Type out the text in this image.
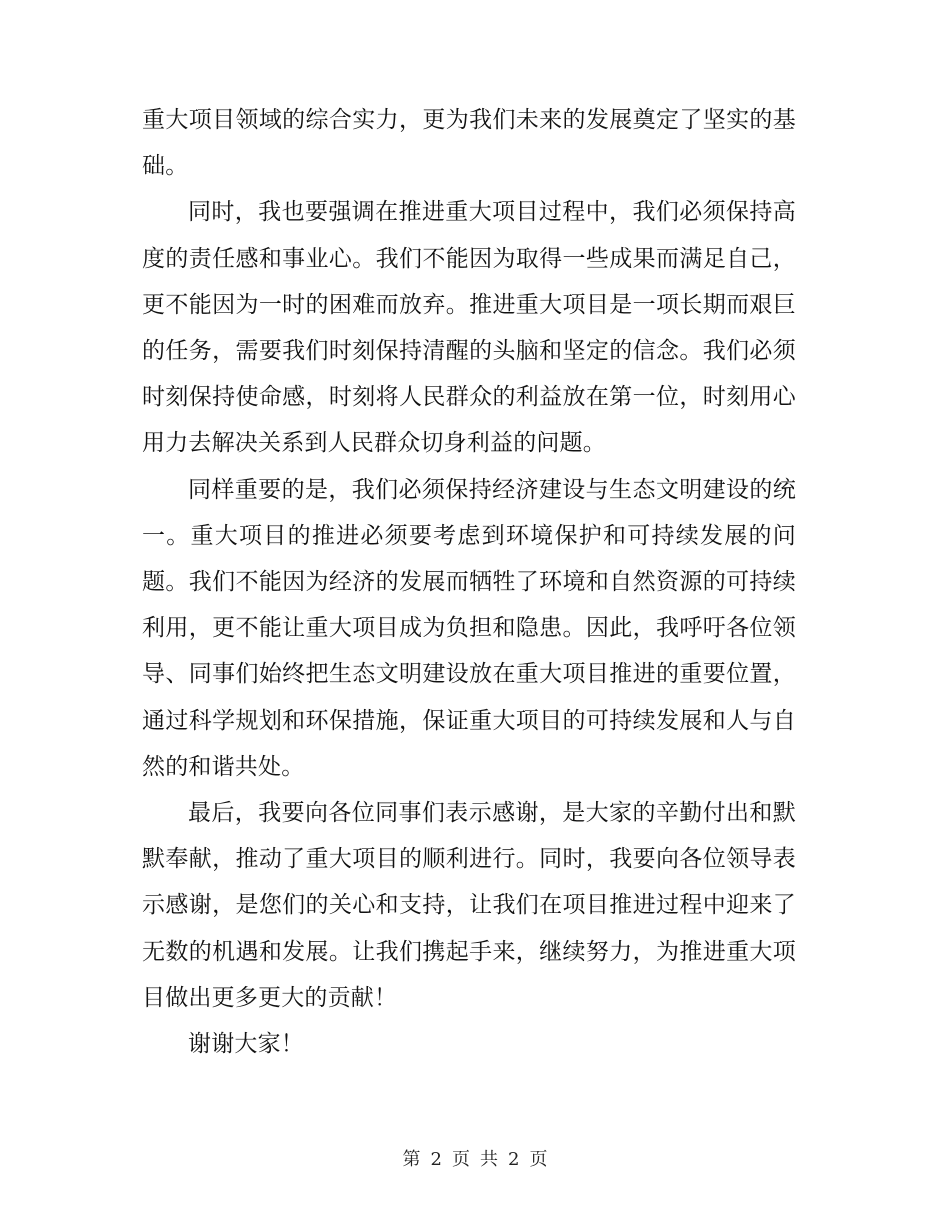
重大项目领域的综合实力，更为我们未来的发展奠定了坚实的基础。

同时，我也要强调在推进重大项目过程中，我们必须保持高度的责任感和事业心。我们不能因为取得一些成果而满足自己，更不能因为一时的困难而放弃。推进重大项目是一项长期而艰巨的任务，需要我们时刻保持清醒的头脑和坚定的信念。我们必须时刻保持使命感，时刻将人民群众的利益放在第一位，时刻用心用力去解决关系到人民群众切身利益的问题。

同样重要的是，我们必须保持经济建设与生态文明建设的统一。重大项目的推进必须要考虑到环境保护和可持续发展的问题。我们不能因为经济的发展而牺牲了环境和自然资源的可持续利用，更不能让重大项目成为负担和隐患。因此，我呼吁各位领导、同事们始终把生态文明建设放在重大项目推进的重要位置，通过科学规划和环保措施，保证重大项目的可持续发展和人与自然的和谐共处。

最后，我要向各位同事们表示感谢，是大家的辛勤付出和默默奉献，推动了重大项目的顺利进行。同时，我要向各位领导表示感谢，是您们的关心和支持，让我们在项目推进过程中迎来了无数的机遇和发展。让我们携起手来，继续努力，为推进重大项目做出更多更大的贡献！

谢谢大家！

第 2 页 共 2 页
